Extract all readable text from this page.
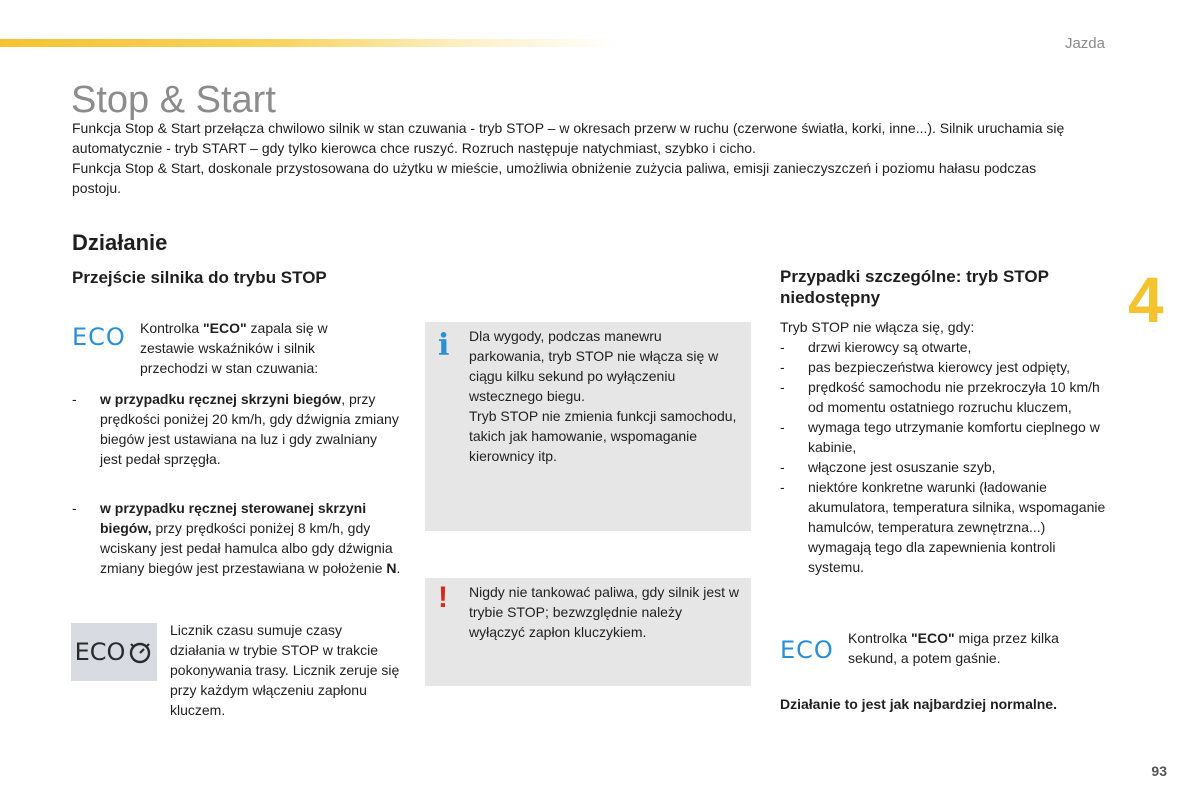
Jazda
Stop & Start
Funkcja Stop & Start przełącza chwilowo silnik w stan czuwania - tryb STOP – w okresach przerw w ruchu (czerwone światła, korki, inne...). Silnik uruchamia się automatycznie - tryb START – gdy tylko kierowca chce ruszyć. Rozruch następuje natychmiast, szybko i cicho.
Funkcja Stop & Start, doskonale przystosowana do użytku w mieście, umożliwia obniżenie zużycia paliwa, emisji zanieczyszczeń i poziomu hałasu podczas postoju.
Działanie
Przejście silnika do trybu STOP	Przypadki szczególne: tryb STOP niedostępny	4
ECO Kontrolka "ECO" zapala się w zestawie wskaźników i silnik przechodzi w stan czuwania:
- w przypadku ręcznej skrzyni biegów, przy prędkości poniżej 20 km/h, gdy dźwignia zmiany biegów jest ustawiana na luz i gdy zwalniany jest pedał sprzęgła.
- w przypadku ręcznej sterowanej skrzyni biegów, przy prędkości poniżej 8 km/h, gdy wciskany jest pedał hamulca albo gdy dźwignia zmiany biegów jest przestawiana w położenie N.
ECO
Licznik czasu sumuje czasy działania w trybie STOP w trakcie pokonywania trasy. Licznik zeruje się przy każdym włączeniu zapłonu kluczem.
i Dla wygody, podczas manewru parkowania, tryb STOP nie włącza się w ciągu kilku sekund po wyłączeniu wstecznego biegu.
Tryb STOP nie zmienia funkcji samochodu, takich jak hamowanie, wspomaganie kierownicy itp.
! Nigdy nie tankować paliwa, gdy silnik jest w trybie STOP; bezwzględnie należy wyłączyć zapłon kluczykiem.
Tryb STOP nie włącza się, gdy:
- drzwi kierowcy są otwarte,
- pas bezpieczeństwa kierowcy jest odpięty,
- prędkość samochodu nie przekroczyła 10 km/h od momentu ostatniego rozruchu kluczem,
- wymaga tego utrzymanie komfortu cieplnego w kabinie,
- włączone jest osuszanie szyb,
- niektóre konkretne warunki (ładowanie akumulatora, temperatura silnika, wspomaganie hamulców, temperatura zewnętrzna...) wymagają tego dla zapewnienia kontroli systemu.
ECO Kontrolka "ECO" miga przez kilka sekund, a potem gaśnie.
Działanie to jest jak najbardziej normalne.
93
